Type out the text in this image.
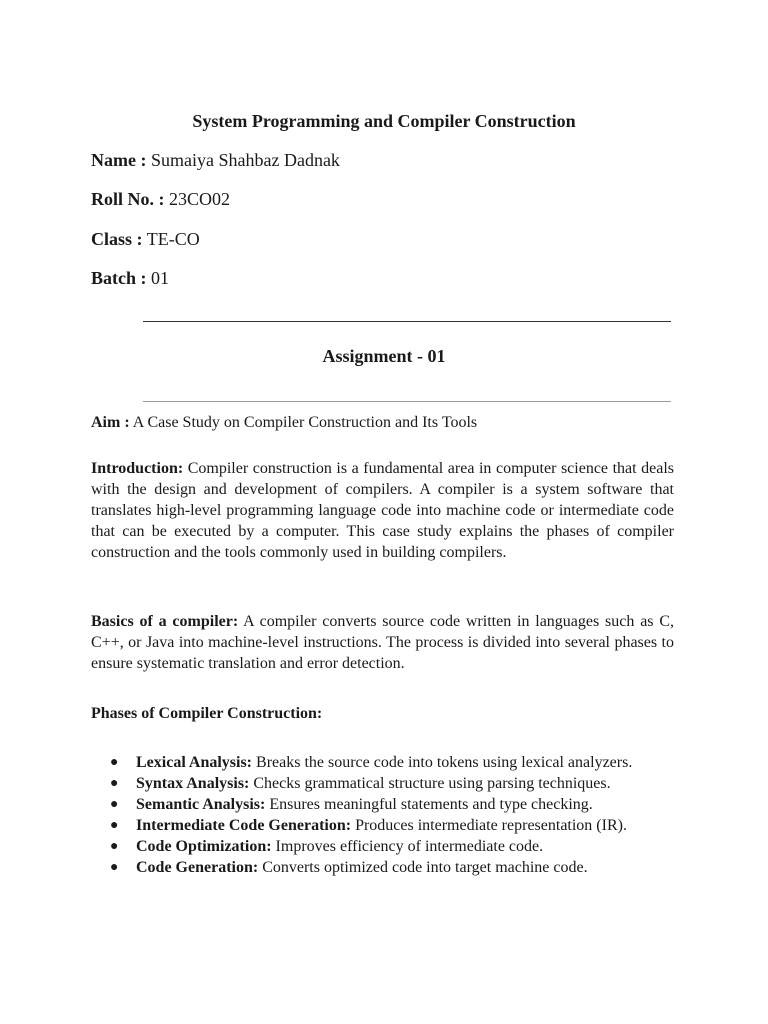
System Programming and Compiler Construction
Name : Sumaiya Shahbaz Dadnak
Roll No. : 23CO02
Class : TE-CO
Batch : 01
Assignment - 01
Aim : A Case Study on Compiler Construction and Its Tools
Introduction: Compiler construction is a fundamental area in computer science that deals with the design and development of compilers. A compiler is a system software that translates high-level programming language code into machine code or intermediate code that can be executed by a computer. This case study explains the phases of compiler construction and the tools commonly used in building compilers.
Basics of a compiler: A compiler converts source code written in languages such as C, C++, or Java into machine-level instructions. The process is divided into several phases to ensure systematic translation and error detection.
Phases of Compiler Construction:
● Lexical Analysis: Breaks the source code into tokens using lexical analyzers.
● Syntax Analysis: Checks grammatical structure using parsing techniques.
● Semantic Analysis: Ensures meaningful statements and type checking.
● Intermediate Code Generation: Produces intermediate representation (IR).
● Code Optimization: Improves efficiency of intermediate code.
● Code Generation: Converts optimized code into target machine code.
